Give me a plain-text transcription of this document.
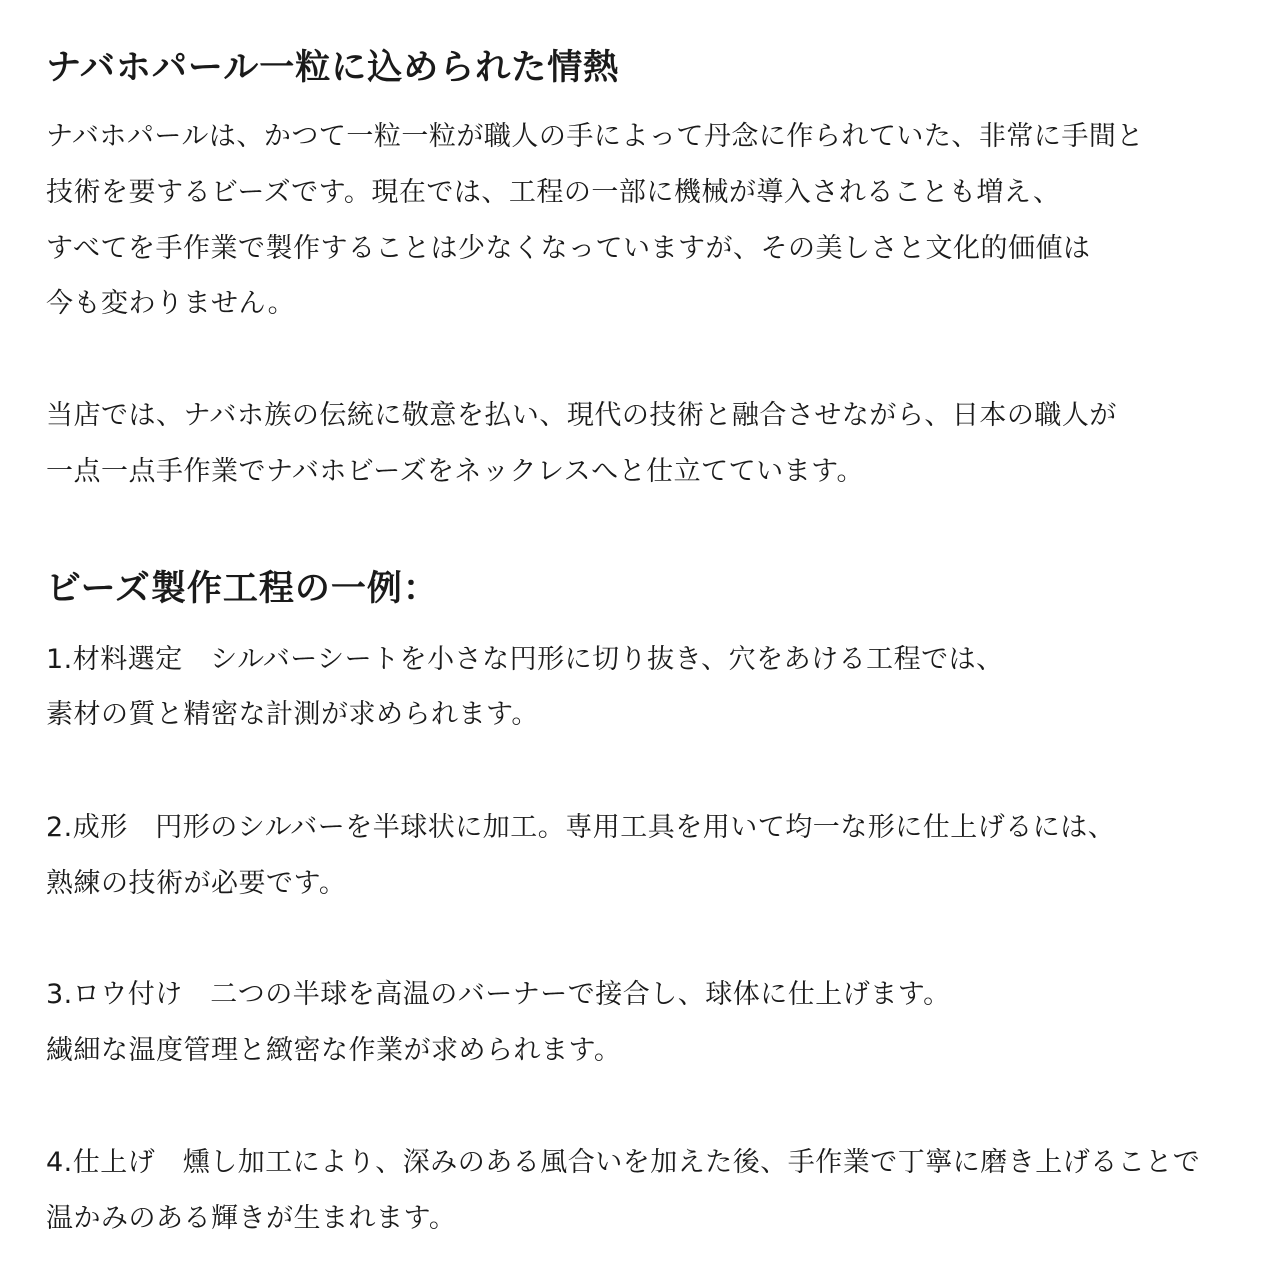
ナバホパール一粒に込められた情熱
ナバホパールは、かつて一粒一粒が職人の手によって丹念に作られていた、非常に手間と
技術を要するビーズです。現在では、工程の一部に機械が導入されることも増え、
すべてを手作業で製作することは少なくなっていますが、その美しさと文化的価値は
今も変わりません。
当店では、ナバホ族の伝統に敬意を払い、現代の技術と融合させながら、日本の職人が
一点一点手作業でナバホビーズをネックレスへと仕立てています。
ビーズ製作工程の一例：
1.材料選定　シルバーシートを小さな円形に切り抜き、穴をあける工程では、
素材の質と精密な計測が求められます。
2.成形　円形のシルバーを半球状に加工。専用工具を用いて均一な形に仕上げるには、
熟練の技術が必要です。
3.ロウ付け　二つの半球を高温のバーナーで接合し、球体に仕上げます。
繊細な温度管理と緻密な作業が求められます。
4.仕上げ　燻し加工により、深みのある風合いを加えた後、手作業で丁寧に磨き上げることで
温かみのある輝きが生まれます。
